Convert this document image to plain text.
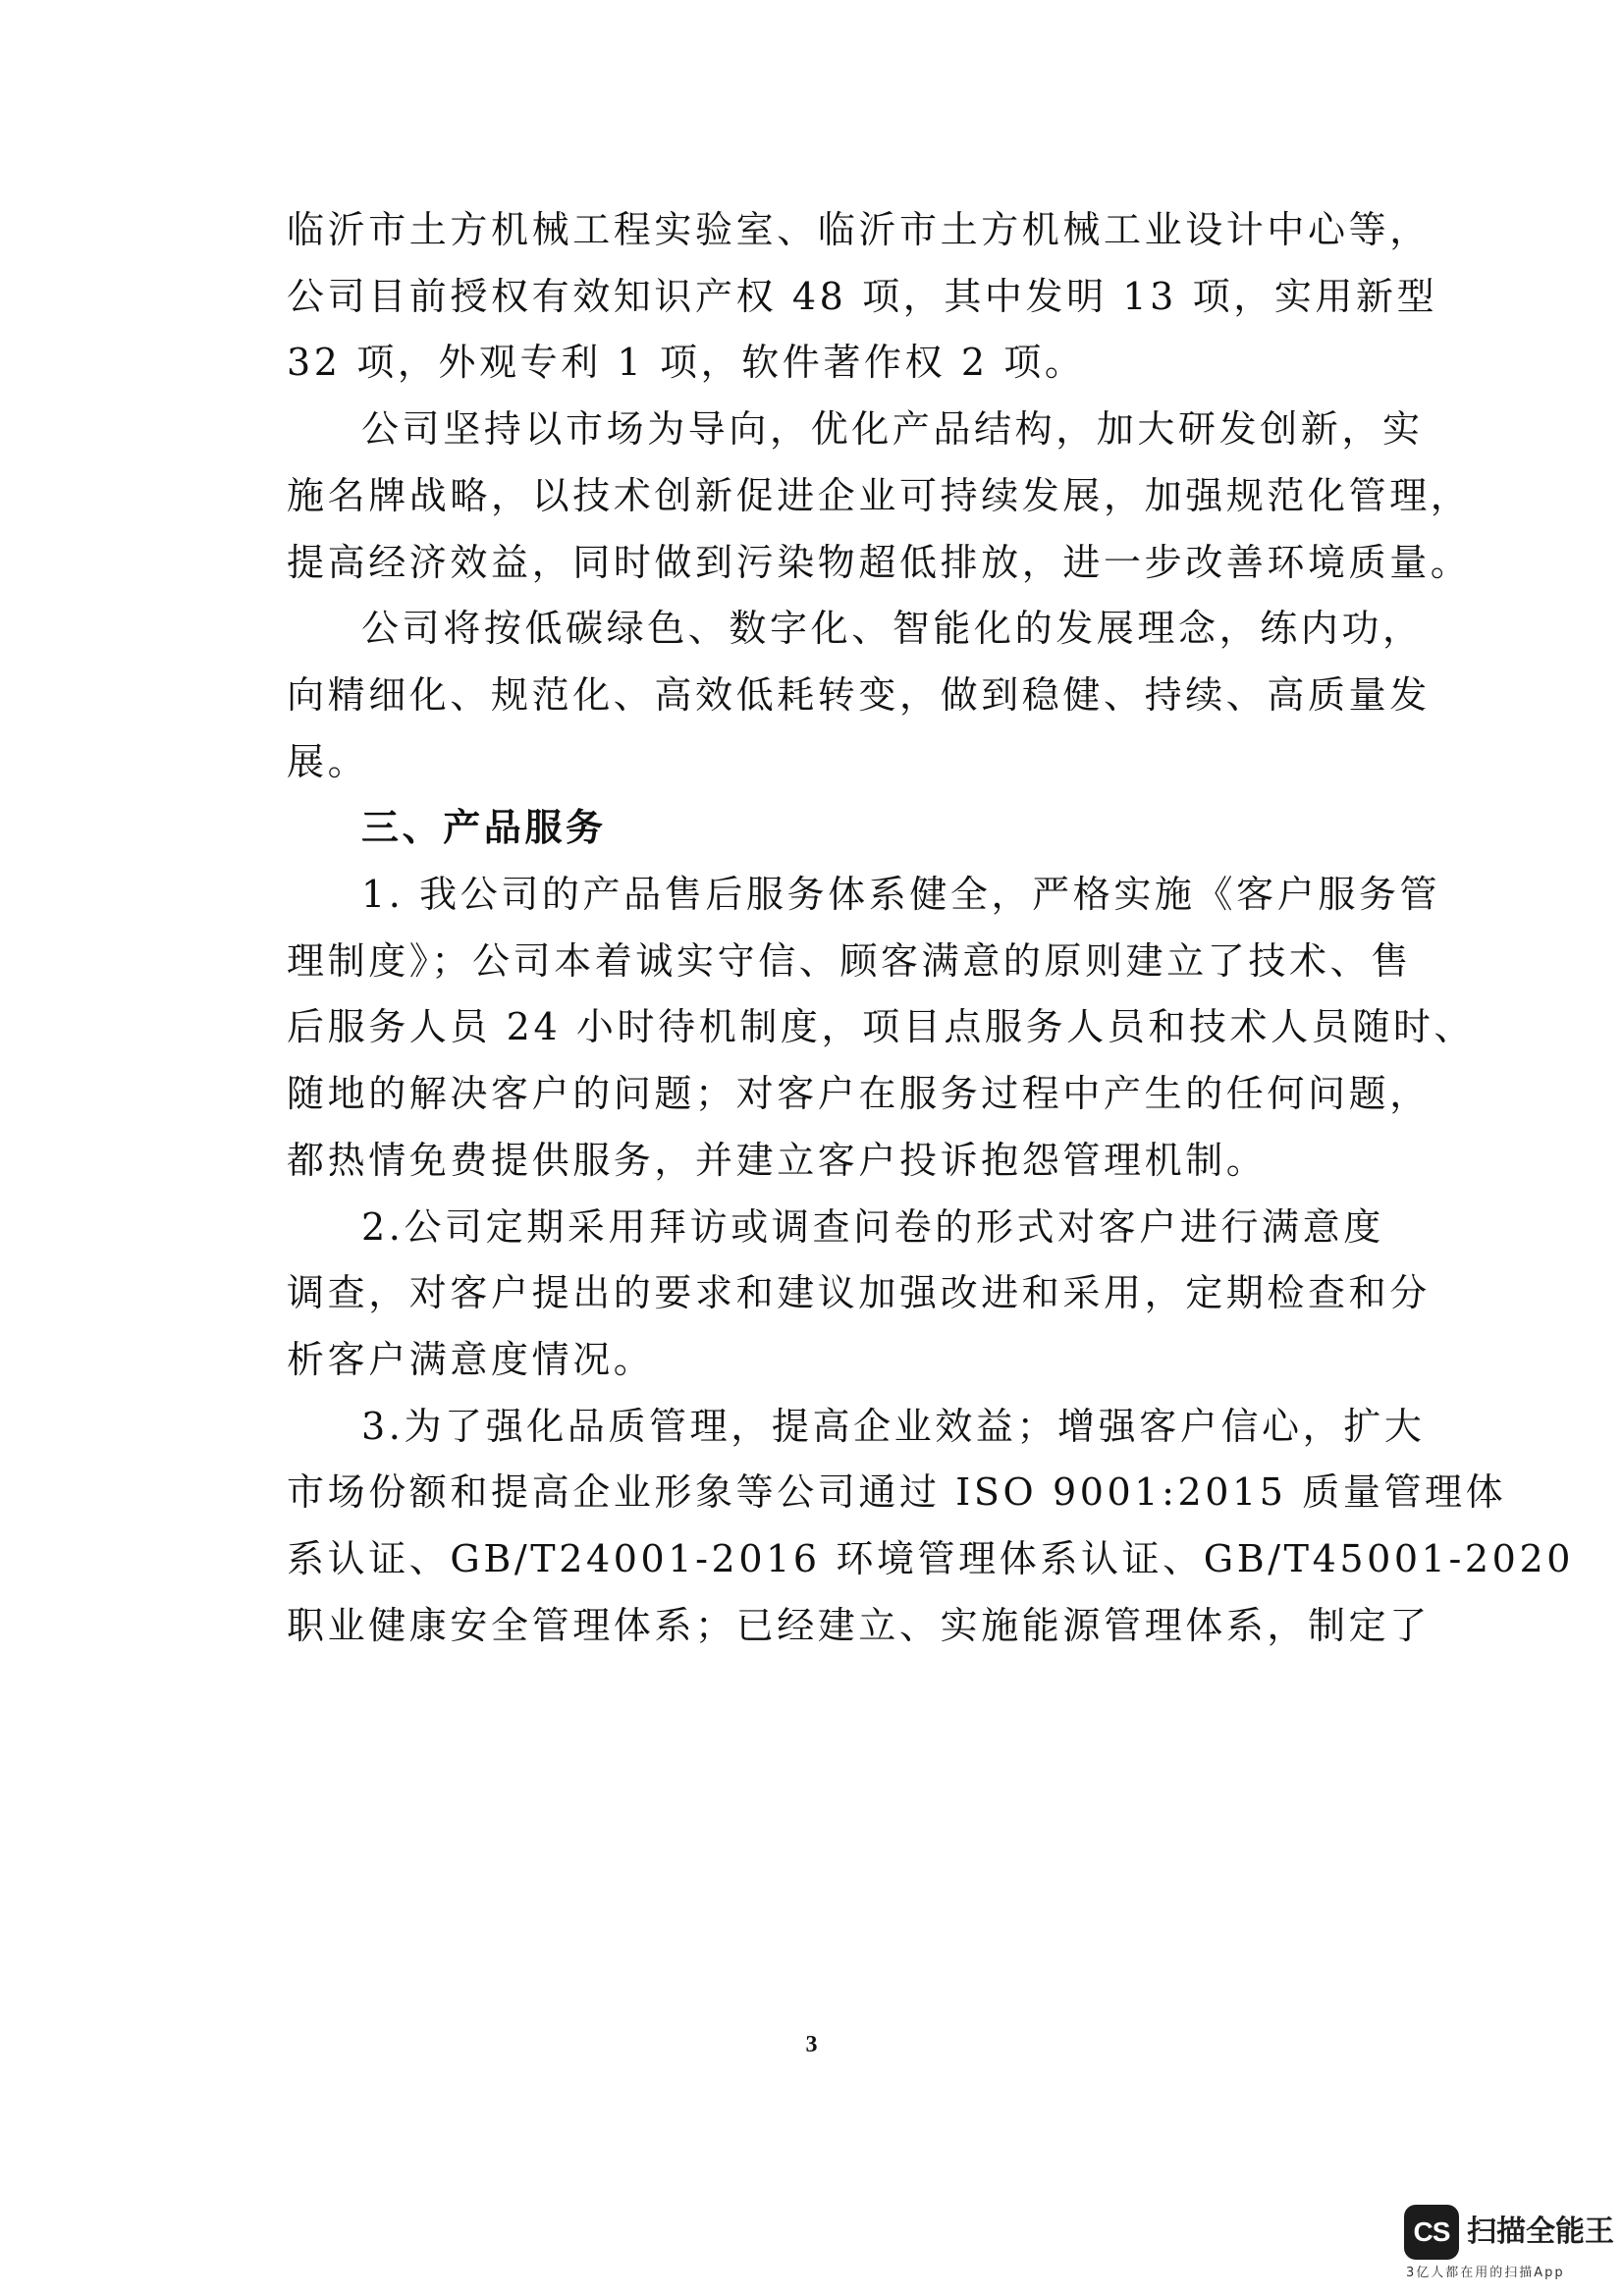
临沂市土方机械工程实验室、临沂市土方机械工业设计中心等，
公司目前授权有效知识产权 48 项，其中发明 13 项，实用新型
32 项，外观专利 1 项，软件著作权 2 项。
公司坚持以市场为导向，优化产品结构，加大研发创新，实
施名牌战略，以技术创新促进企业可持续发展，加强规范化管理，
提高经济效益，同时做到污染物超低排放，进一步改善环境质量。
公司将按低碳绿色、数字化、智能化的发展理念，练内功，
向精细化、规范化、高效低耗转变，做到稳健、持续、高质量发
展。
三、产品服务
1. 我公司的产品售后服务体系健全，严格实施《客户服务管
理制度》；公司本着诚实守信、顾客满意的原则建立了技术、售
后服务人员 24 小时待机制度，项目点服务人员和技术人员随时、
随地的解决客户的问题；对客户在服务过程中产生的任何问题，
都热情免费提供服务，并建立客户投诉抱怨管理机制。
2.公司定期采用拜访或调查问卷的形式对客户进行满意度
调查，对客户提出的要求和建议加强改进和采用，定期检查和分
析客户满意度情况。
3.为了强化品质管理，提高企业效益；增强客户信心，扩大
市场份额和提高企业形象等公司通过 ISO 9001:2015 质量管理体
系认证、GB/T24001-2016 环境管理体系认证、GB/T45001-2020
职业健康安全管理体系；已经建立、实施能源管理体系，制定了
3
CS 扫描全能王
3亿人都在用的扫描App
